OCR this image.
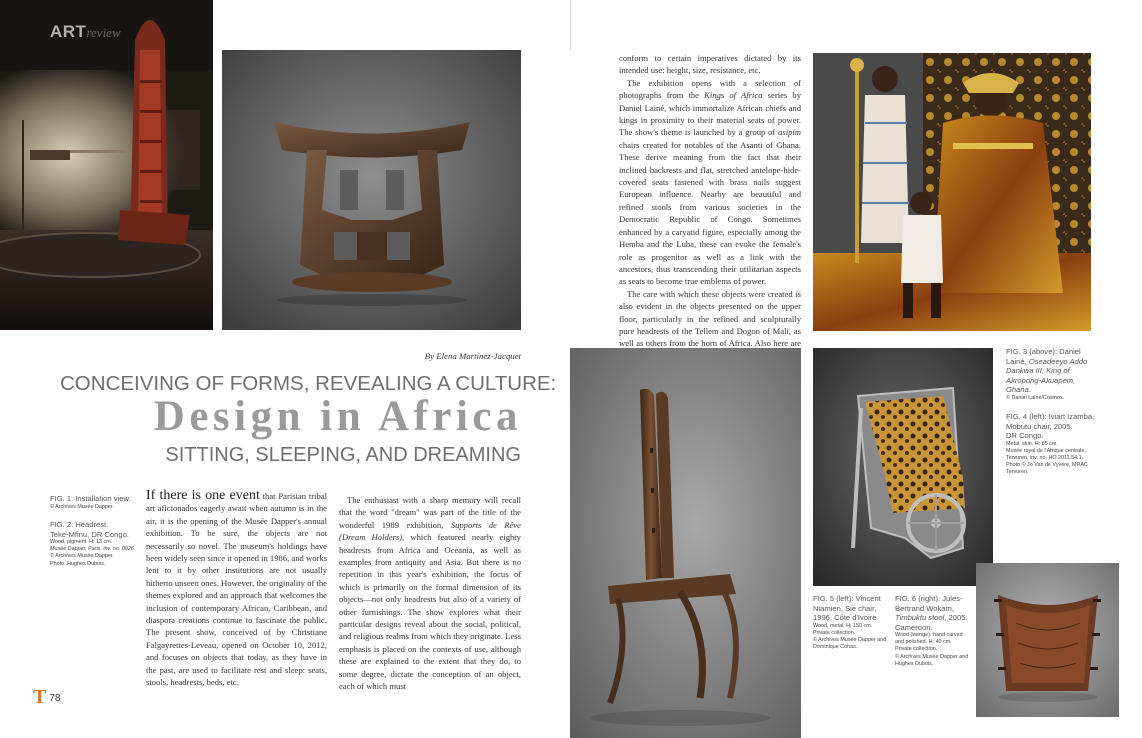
ARTreview
By Elena Martínez-Jacquet
CONCEIVING OF FORMS, REVEALING A CULTURE:
Design in Africa
SITTING, SLEEPING, AND DREAMING
FIG. 1: Installation view.
© Archives Musée Dapper.
FIG. 2: Headrest.
Teke-Mfinu, DR Congo.
Wood, pigment. H: 13 cm.
Musée Dapper, Paris, inv. no. 0926.
© Archives Musée Dapper.
Photo: Hughes Dubois.

If there is one event that Parisian tribal art aficionados eagerly await when autumn is in the air, it is the opening of the Musée Dapper's annual exhibition. To be sure, the objects are not necessarily so novel. The museum's holdings have been widely seen since it opened in 1986, and works lent to it by other institutions are not usually hitherto unseen ones. However, the originality of the themes explored and an approach that welcomes the inclusion of contemporary African, Caribbean, and diaspora creations continue to fascinate the public. The present show, conceived of by Christiane Falgayrettes-Leveau, opened on October 10, 2012, and focuses on objects that today, as they have in the past, are used to facilitate rest and sleep: seats, stools, headrests, beds, etc.

The enthusiast with a sharp memory will recall that the word "dream" was part of the title of the wonderful 1989 exhibition, Supports de Rêve (Dream Holders), which featured nearly eighty headrests from Africa and Oceania, as well as examples from antiquity and Asia. But there is no repetition in this year's exhibition, the focus of which is primarily on the formal dimension of its objects—not only headrests but also of a variety of other furnishings. The show explores what their particular designs reveal about the social, political, and religious realms from which they originate. Less emphasis is placed on the contexts of use, although these are explained to the extent that they do, to some degree, dictate the conception of an object, each of which must

T 78

conform to certain imperatives dictated by its intended use: height, size, resistance, etc.

The exhibition opens with a selection of photographs from the Kings of Africa series by Daniel Lainé, which immortalize African chiefs and kings in proximity to their material seats of power. The show's theme is launched by a group of asipim chairs created for notables of the Asanti of Ghana. These derive meaning from the fact that their inclined backrests and flat, stretched antelope-hide-covered seats fastened with brass nails suggest European influence. Nearby are beautiful and refined stools from various societies in the Democratic Republic of Congo. Sometimes enhanced by a caryatid figure, especially among the Hemba and the Luba, these can evoke the female's role as progenitor as well as a link with the ancestors, thus transcending their utilitarian aspects as seats to become true emblems of power.

The care with which these objects were created is also evident in the objects presented on the upper floor, particularly in the refined and sculpturally pure headrests of the Tellem and Dogon of Mali, as well as others from the horn of Africa. Also here are

FIG. 3 (above): Daniel
Lainé, Oseadeeyo Addo
Dankwa III, King of
Akropong-Akuapem,
Ghana.
© Daniel Lainé/Cosmos.
FIG. 4 (left): Iviart Izamba,
Mobutu chair, 2005.
DR Congo.
Metal, skin. H: 85 cm.
Musée royal de l'Afrique centrale,
Tervuren, inv. no. HO.2011.54.1.
Photo © Jo Van de Vyvere, MRAC
Tervuren.
FIG. 5 (left): Vincent
Niamien, Sie chair,
1996. Côte d'Ivoire.
Wood, metal. H: 150 cm.
Private collection.
© Archives Musée Dapper and
Dominique Cohas.
FIG. 6 (right): Jules-
Bertrand Wokam,
Timbuktu stool, 2005.
Cameroon.
Wood (wenge), hand carved
and polished. H: 40 cm.
Private collection.
© Archives Musée Dapper and
Hughes Dubois.
